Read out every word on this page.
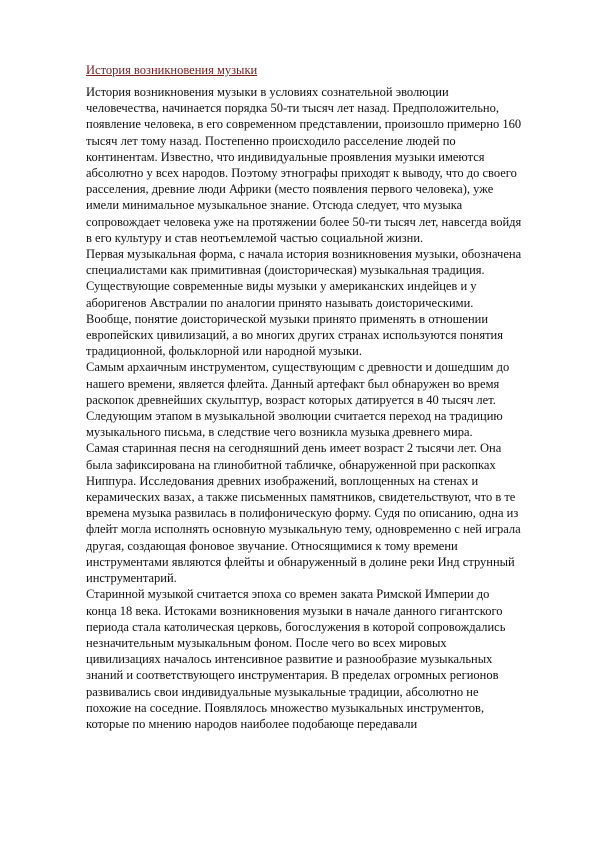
История возникновения музыки

История возникновения музыки в условиях сознательной эволюции человечества, начинается порядка 50-ти тысяч лет назад. Предположительно, появление человека, в его современном представлении, произошло примерно 160 тысяч лет тому назад. Постепенно происходило расселение людей по континентам. Известно, что индивидуальные проявления музыки имеются абсолютно у всех народов. Поэтому этнографы приходят к выводу, что до своего расселения, древние люди Африки (место появления первого человека), уже имели минимальное музыкальное знание. Отсюда следует, что музыка сопровождает человека уже на протяжении более 50-ти тысяч лет, навсегда войдя в его культуру и став неотъемлемой частью социальной жизни.

Первая музыкальная форма, с начала история возникновения музыки, обозначена специалистами как примитивная (доисторическая) музыкальная традиция. Существующие современные виды музыки у американских индейцев и у аборигенов Австралии по аналогии принято называть доисторическими. Вообще, понятие доисторической музыки принято применять в отношении европейских цивилизаций, а во многих других странах используются понятия традиционной, фольклорной или народной музыки.

Самым архаичным инструментом, существующим с древности и дошедшим до нашего времени, является флейта. Данный артефакт был обнаружен во время раскопок древнейших скульптур, возраст которых датируется в 40 тысяч лет.

Следующим этапом в музыкальной эволюции считается переход на традицию музыкального письма, в следствие чего возникла музыка древнего мира.

Самая старинная песня на сегодняшний день имеет возраст 2 тысячи лет. Она была зафиксирована на глинобитной табличке, обнаруженной при раскопках Ниппура. Исследования древних изображений, воплощенных на стенах и керамических вазах, а также письменных памятников, свидетельствуют, что в те времена музыка развилась в полифоническую форму. Судя по описанию, одна из флейт могла исполнять основную музыкальную тему, одновременно с ней играла другая, создающая фоновое звучание. Относящимися к тому времени инструментами являются флейты и обнаруженный в долине реки Инд струнный инструментарий.

Старинной музыкой считается эпоха со времен заката Римской Империи до конца 18 века. Истоками возникновения музыки в начале данного гигантского периода стала католическая церковь, богослужения в которой сопровождались незначительным музыкальным фоном. После чего во всех мировых цивилизациях началось интенсивное развитие и разнообразие музыкальных знаний и соответствующего инструментария. В пределах огромных регионов развивались свои индивидуальные музыкальные традиции, абсолютно не похожие на соседние. Появлялось множество музыкальных инструментов, которые по мнению народов наиболее подобающе передавали
